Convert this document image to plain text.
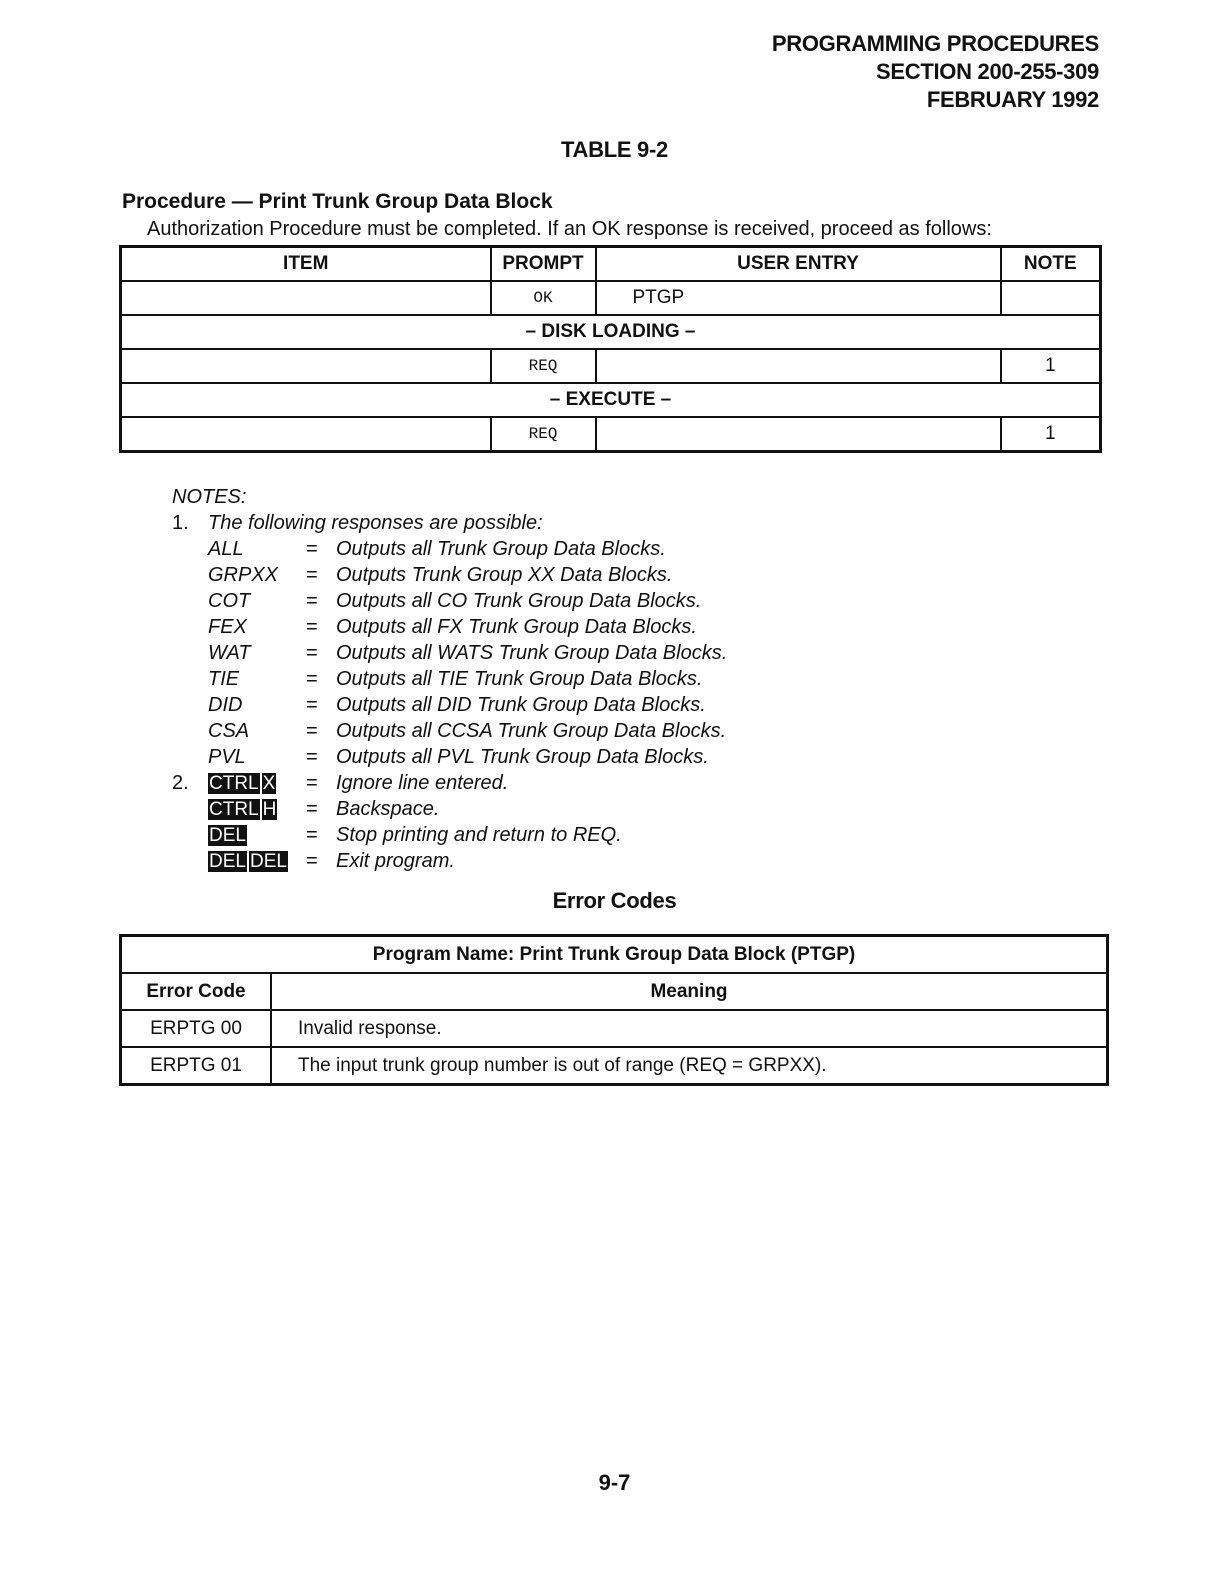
PROGRAMMING PROCEDURES
SECTION 200-255-309
FEBRUARY 1992
TABLE 9-2
Procedure — Print Trunk Group Data Block
Authorization Procedure must be completed. If an OK response is received, proceed as follows:
ITEM	PROMPT	USER ENTRY	NOTE
	OK	PTGP	
– DISK LOADING –			
	REQ		1
– EXECUTE –			
	REQ		1
NOTES:
1. The following responses are possible:
ALL	= Outputs all Trunk Group Data Blocks.
GRPXX = Outputs Trunk Group XX Data Blocks.
COT	= Outputs all CO Trunk Group Data Blocks.
FEX	= Outputs all FX Trunk Group Data Blocks.
WAT	= Outputs all WATS Trunk Group Data Blocks.
TIE	= Outputs all TIE Trunk Group Data Blocks.
DID	= Outputs all DID Trunk Group Data Blocks.
CSA	= Outputs all CCSA Trunk Group Data Blocks.
PVL	= Outputs all PVL Trunk Group Data Blocks.
2.	CTRL X = Ignore line entered.
CTRL H = Backspace.
DEL	= Stop printing and return to REQ.
DEL DEL = Exit program.
Error Codes
Program Name: Print Trunk Group Data Block (PTGP)	
Error Code	Meaning
ERPTG 00	Invalid response.
ERPTG 01	The input trunk group number is out of range (REQ = GRPXX).
9-7
